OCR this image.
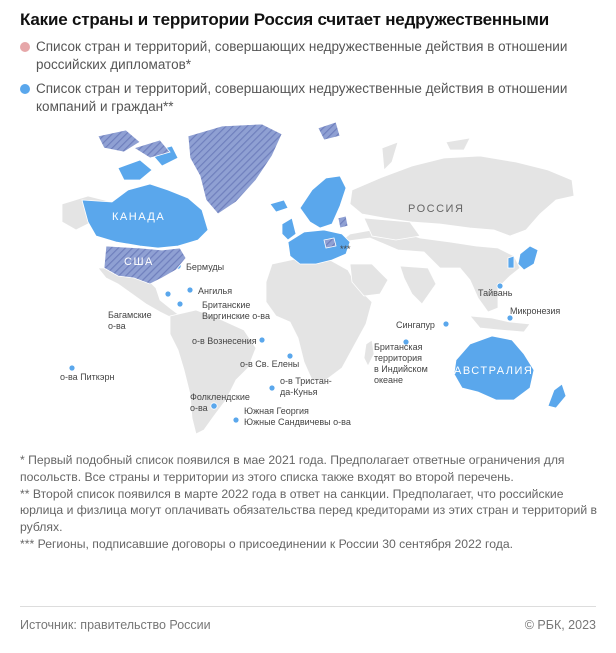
Какие страны и территории Россия считает недружественными
Список стран и территорий, совершающих недружественные действия в отношении российских дипломатов*
Список стран и территорий, совершающих недружественные действия в отношении компаний и граждан**
КАНАДА
США
РОССИЯ
АВСТРАЛИЯ
***
Бермуды
Ангилья
Британские
Виргинские о-ва
Багамские
о-ва
о-в Вознесения
о-в Св. Елены
о-в Тристан-
да-Кунья
Фолклендские
о-ва	Южная Георгия
Южные Сандвичевы о-ва
о-ва Питкэрн
Сингапур
Тайвань
Микронезия
Британская
территория
в Индийском
океане

* Первый подобный список появился в мае 2021 года. Предполагает ответные ограничения для посольств. Все страны и территории из этого списка также входят во второй перечень.

** Второй список появился в марте 2022 года в ответ на санкции. Предполагает, что российские юрлица и физлица могут оплачивать обязательства перед кредиторами из этих стран и территорий в рублях.

*** Регионы, подписавшие договоры о присоединении к России 30 сентября 2022 года.

Источник: правительство России	© РБК, 2023
